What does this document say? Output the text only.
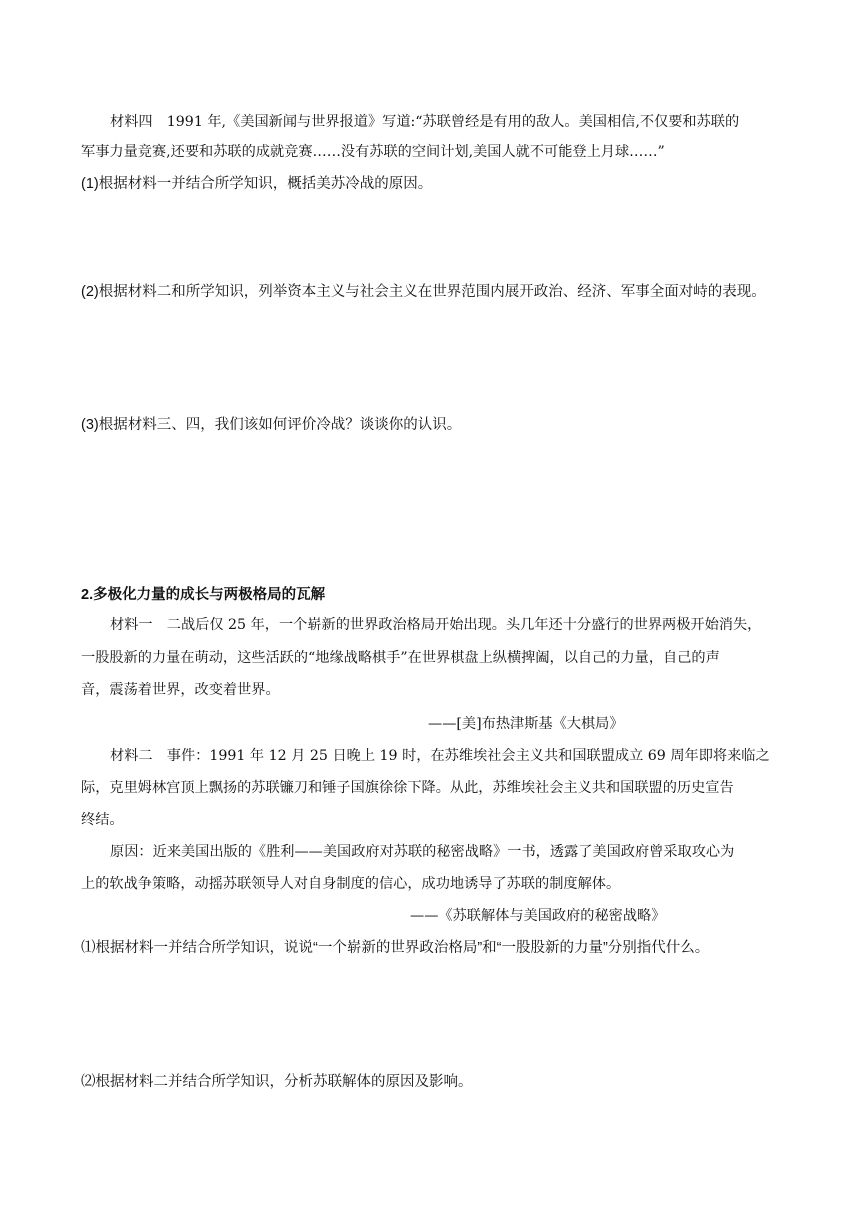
材料四　1991 年,《美国新闻与世界报道》写道:“苏联曾经是有用的敌人。美国相信,不仅要和苏联的
军事力量竞赛,还要和苏联的成就竞赛……没有苏联的空间计划,美国人就不可能登上月球……”
(1)根据材料一并结合所学知识，概括美苏冷战的原因。
(2)根据材料二和所学知识，列举资本主义与社会主义在世界范围内展开政治、经济、军事全面对峙的表现。
(3)根据材料三、四，我们该如何评价冷战？谈谈你的认识。
2.多极化力量的成长与两极格局的瓦解
材料一　二战后仅 25 年，一个崭新的世界政治格局开始出现。头几年还十分盛行的世界两极开始消失，
一股股新的力量在萌动，这些活跃的“地缘战略棋手”在世界棋盘上纵横捭阖，以自己的力量，自己的声
音，震荡着世界，改变着世界。
——[美]布热津斯基《大棋局》
材料二　事件：1991 年 12 月 25 日晚上 19 时，在苏维埃社会主义共和国联盟成立 69 周年即将来临之
际，克里姆林宫顶上飘扬的苏联镰刀和锤子国旗徐徐下降。从此，苏维埃社会主义共和国联盟的历史宣告
终结。
原因：近来美国出版的《胜利——美国政府对苏联的秘密战略》一书，透露了美国政府曾采取攻心为
上的软战争策略，动摇苏联领导人对自身制度的信心，成功地诱导了苏联的制度解体。
——《苏联解体与美国政府的秘密战略》
⑴根据材料一并结合所学知识，说说“一个崭新的世界政治格局”和“一股股新的力量”分别指代什么。
⑵根据材料二并结合所学知识，分析苏联解体的原因及影响。
